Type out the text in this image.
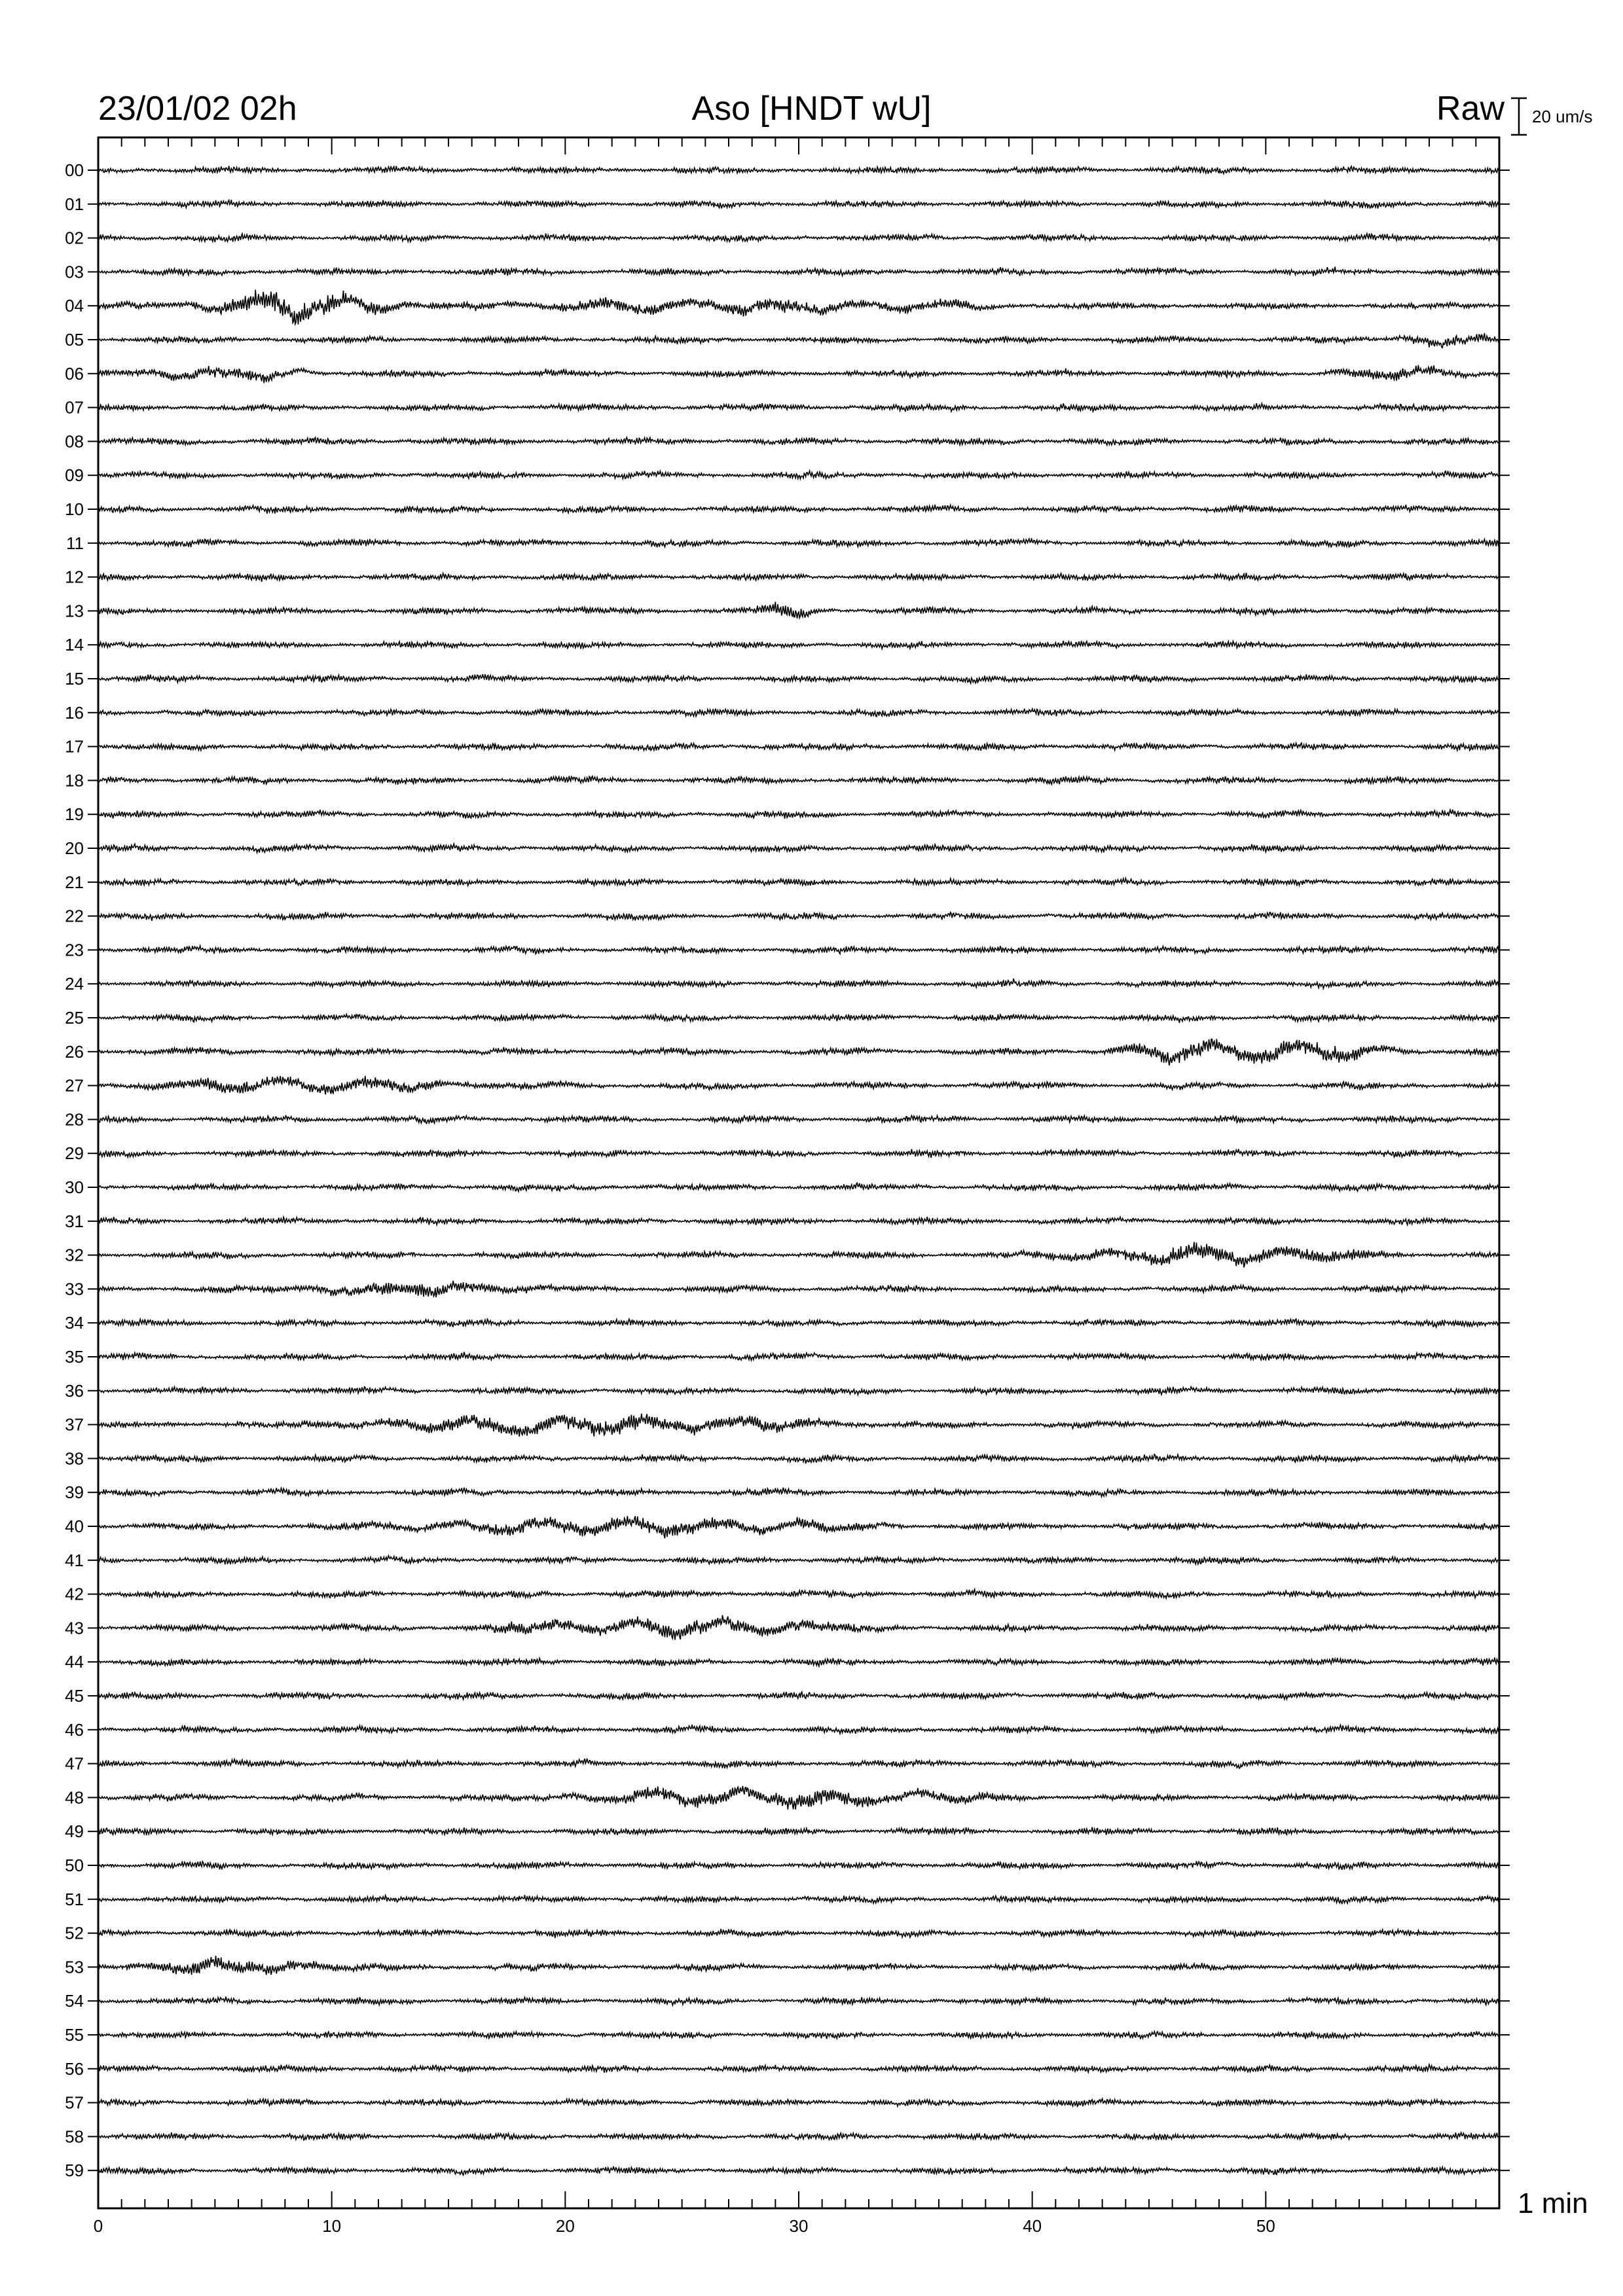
0	10	20	30	40	50
00
01
02
03
04
05
06
07
08
09
10
11
12
13
14
15
16
17
18
19
20
21
22
23
24
25
26
27
28
29
30
31
32
33
34
35
36
37
38
39
40
41
42
43
44
45
46
47
48
49
50
51
52
53
54
55
56
57
58
59
23/01/02 02h	Aso [HNDT wU]	Raw 20 um/s
1 min
